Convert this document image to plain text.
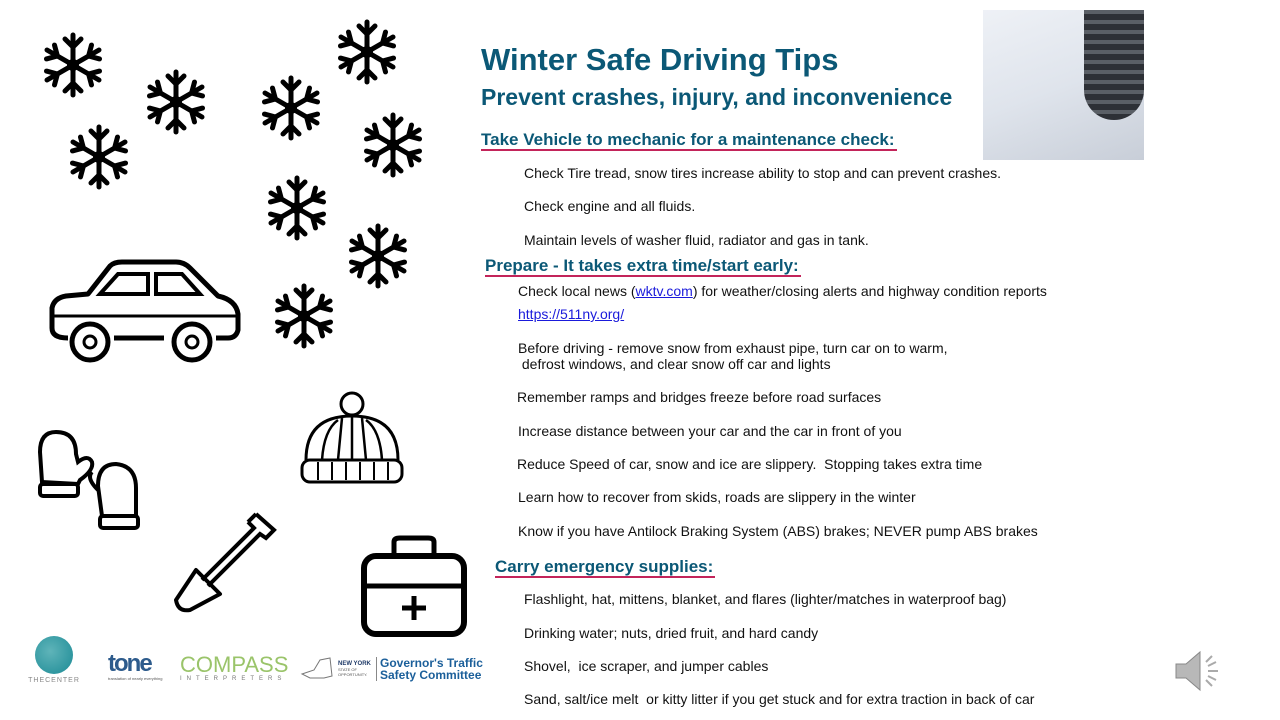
Winter Safe Driving Tips
Prevent crashes, injury, and inconvenience
Take Vehicle to mechanic for a maintenance check:
Check Tire tread, snow tires increase ability to stop and can prevent crashes.
Check engine and all fluids.
Maintain levels of washer fluid, radiator and gas in tank.
Prepare - It takes extra time/start early:
Check local news (wktv.com) for weather/closing alerts and highway condition reports
https://511ny.org/
Before driving - remove snow from exhaust pipe, turn car on to warm,
defrost windows, and clear snow off car and lights
Remember ramps and bridges freeze before road surfaces
Increase distance between your car and the car in front of you
Reduce Speed of car, snow and ice are slippery.  Stopping takes extra time
Learn how to recover from skids, roads are slippery in the winter
Know if you have Antilock Braking System (ABS) brakes; NEVER pump ABS brakes
Carry emergency supplies:
Flashlight, hat, mittens, blanket, and flares (lighter/matches in waterproof bag)
Drinking water; nuts, dried fruit, and hard candy
Shovel,  ice scraper, and jumper cables
Sand, salt/ice melt  or kitty litter if you get stuck and for extra traction in back of car
THECENTER
tone
translation of nearly everything
COMPASS
INTERPRETERS
NEW YORK
STATE OF OPPORTUNITY.
Governor's Traffic
Safety Committee
